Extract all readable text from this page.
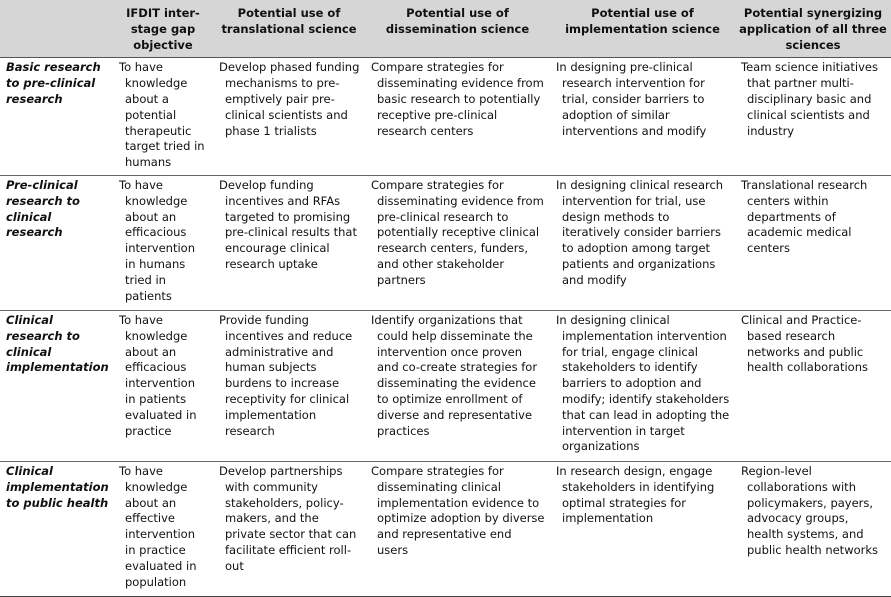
	IFDIT inter-stage gap objective	Potential use of translational science	Potential use of dissemination science	Potential use of implementation science	Potential synergizing application of all three sciences

Basic research to pre-clinical research	To have knowledge about a potential therapeutic target tried in humans	Develop phased funding mechanisms to pre-emptively pair pre-clinical scientists and phase 1 trialists	Compare strategies for disseminating evidence from basic research to potentially receptive pre-clinical research centers	In designing pre-clinical research intervention for trial, consider barriers to adoption of similar interventions and modify	Team science initiatives that partner multi-disciplinary basic and clinical scientists and industry

Pre-clinical research to clinical research	To have knowledge about an efficacious intervention in humans tried in patients	Develop funding incentives and RFAs targeted to promising pre-clinical results that encourage clinical research uptake	Compare strategies for disseminating evidence from pre-clinical research to potentially receptive clinical research centers, funders, and other stakeholder partners	In designing clinical research intervention for trial, use design methods to iteratively consider barriers to adoption among target patients and organizations and modify	Translational research centers within departments of academic medical centers

Clinical research to clinical implementation	To have knowledge about an efficacious intervention in patients evaluated in practice	Provide funding incentives and reduce administrative and human subjects burdens to increase receptivity for clinical implementation research	Identify organizations that could help disseminate the intervention once proven and co-create strategies for disseminating the evidence to optimize enrollment of diverse and representative practices	In designing clinical implementation intervention for trial, engage clinical stakeholders to identify barriers to adoption and modify; identify stakeholders that can lead in adopting the intervention in target organizations	Clinical and Practice-based research networks and public health collaborations

Clinical implementation to public health	To have knowledge about an effective intervention in practice evaluated in population	Develop partnerships with community stakeholders, policy-makers, and the private sector that can facilitate efficient roll-out	Compare strategies for disseminating clinical implementation evidence to optimize adoption by diverse and representative end users	In research design, engage stakeholders in identifying optimal strategies for implementation	Region-level collaborations with policymakers, payers, advocacy groups, health systems, and public health networks
